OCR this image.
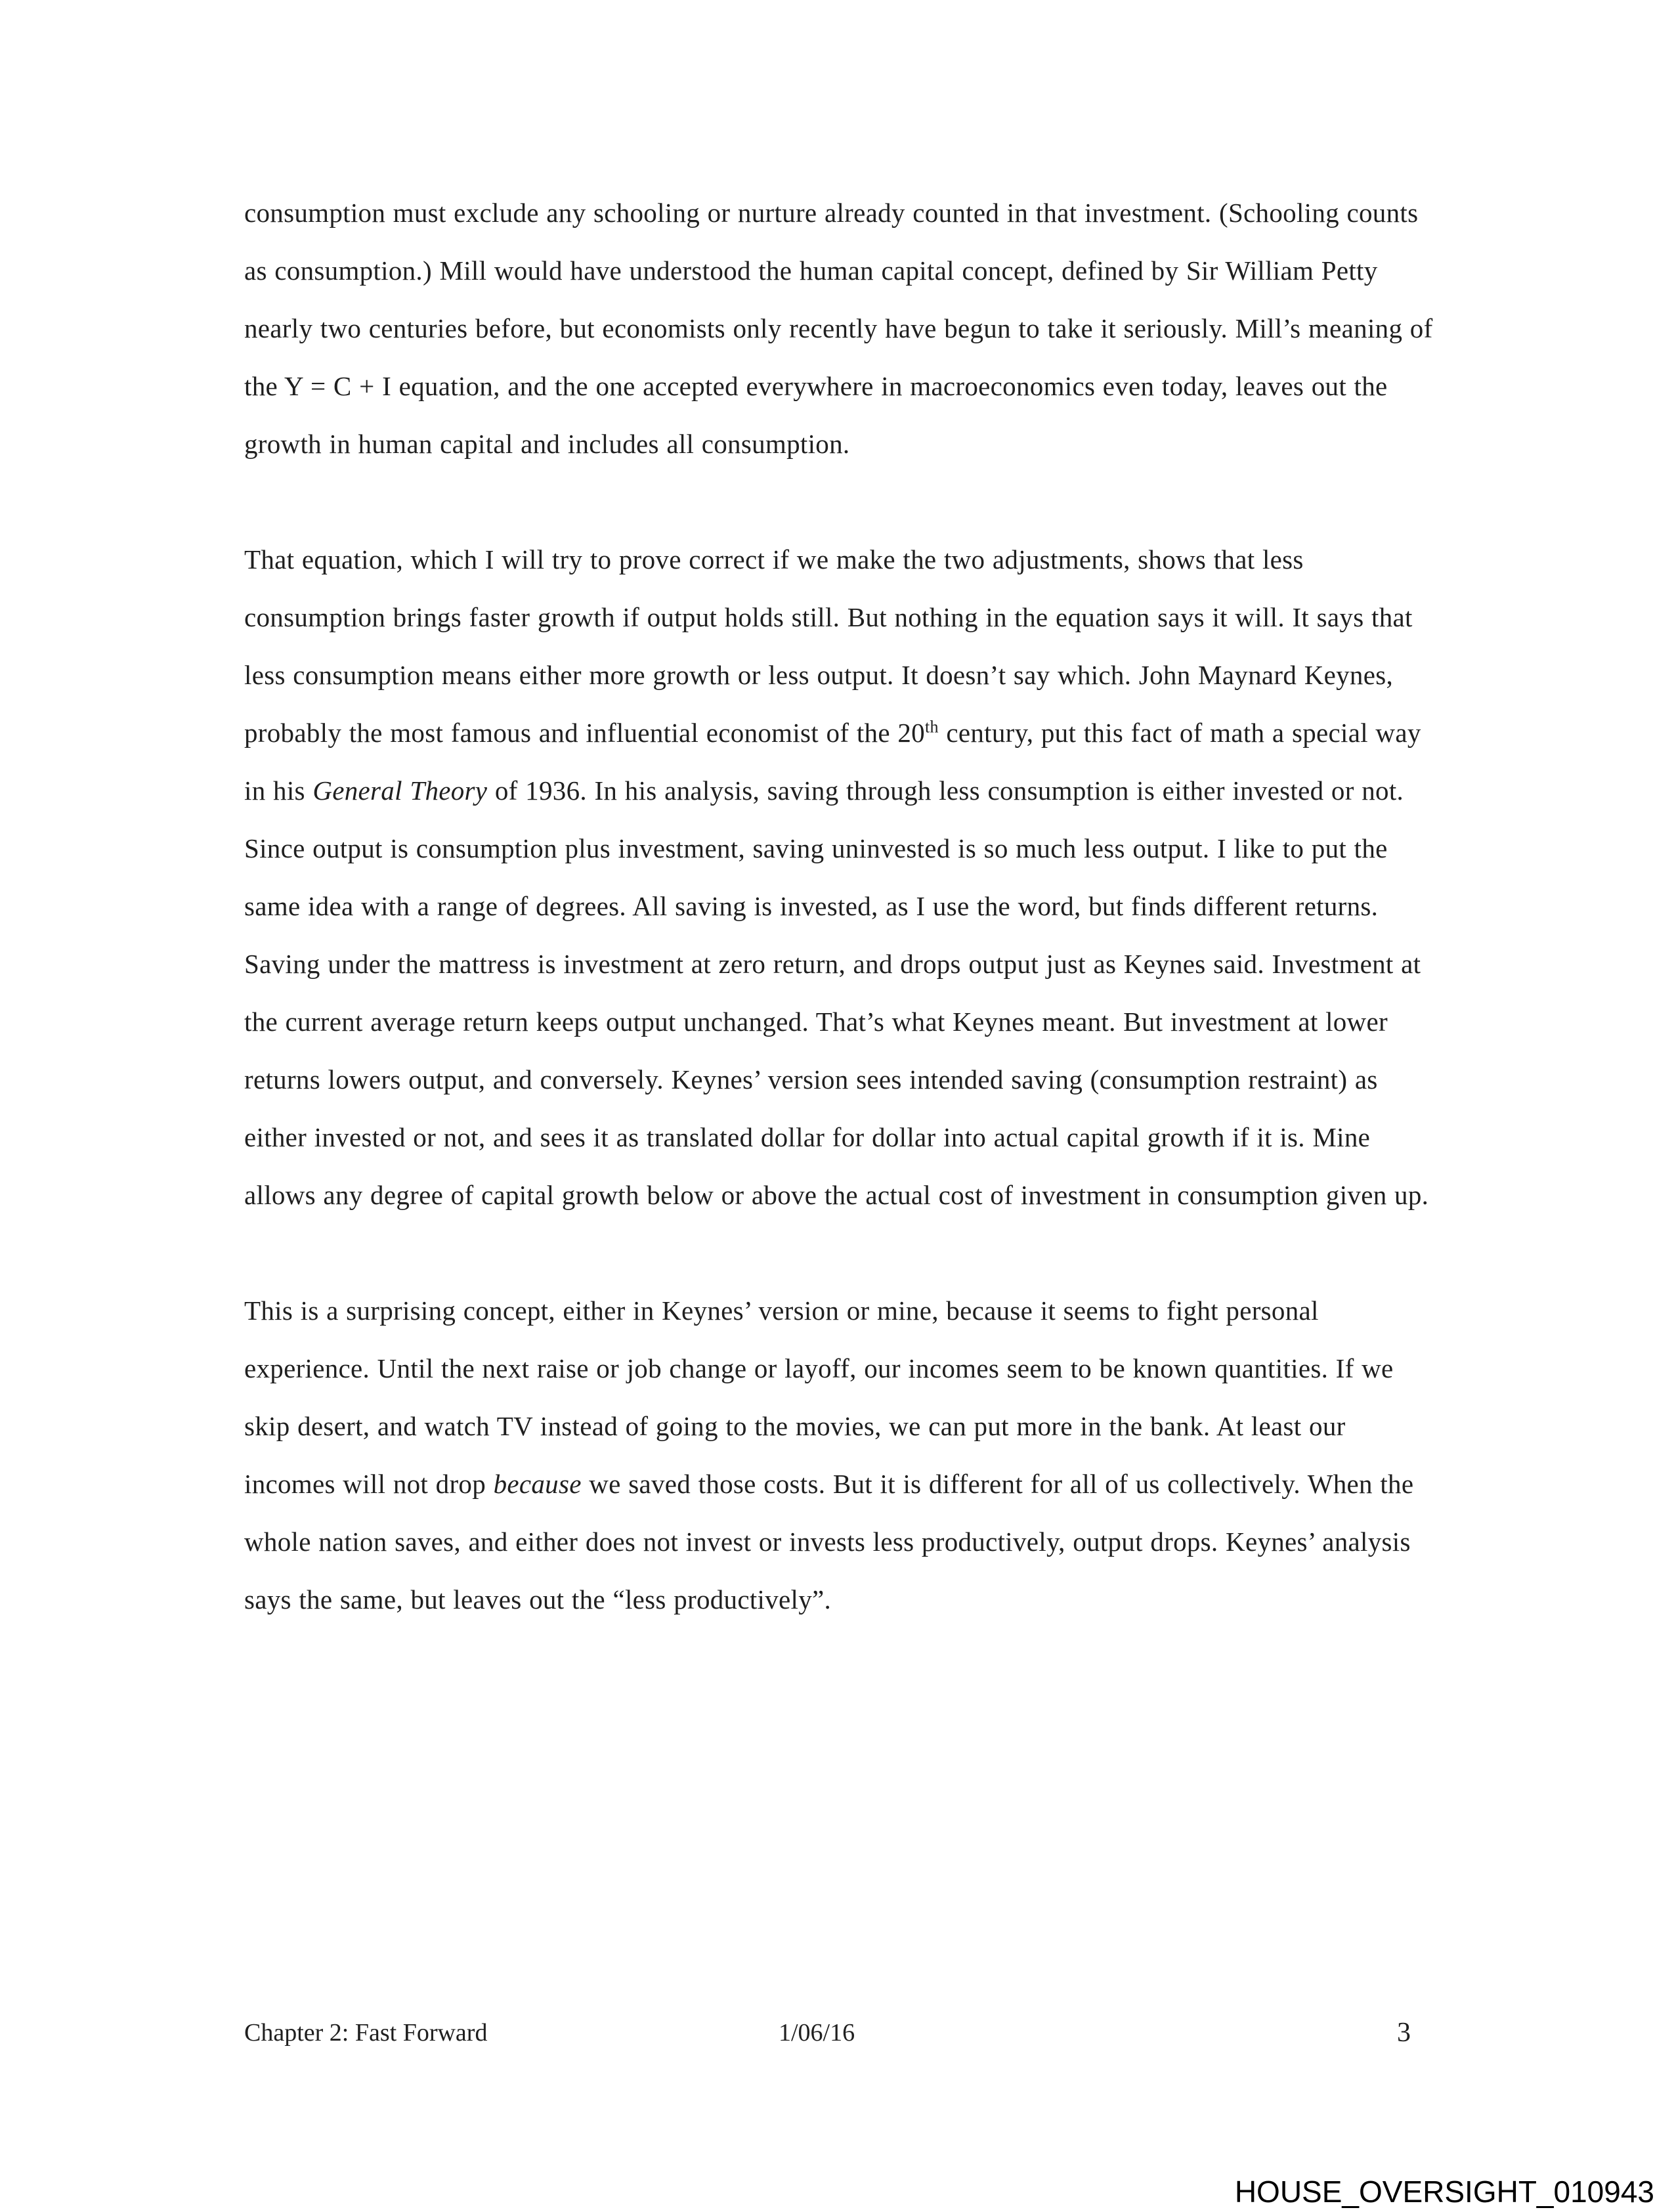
consumption must exclude any schooling or nurture already counted in that investment. (Schooling counts as consumption.) Mill would have understood the human capital concept, defined by Sir William Petty nearly two centuries before, but economists only recently have begun to take it seriously. Mill’s meaning of the Y = C + I equation, and the one accepted everywhere in macroeconomics even today, leaves out the growth in human capital and includes all consumption.

That equation, which I will try to prove correct if we make the two adjustments, shows that less consumption brings faster growth if output holds still. But nothing in the equation says it will. It says that less consumption means either more growth or less output. It doesn’t say which. John Maynard Keynes, probably the most famous and influential economist of the 20th century, put this fact of math a special way in his General Theory of 1936. In his analysis, saving through less consumption is either invested or not. Since output is consumption plus investment, saving uninvested is so much less output. I like to put the same idea with a range of degrees. All saving is invested, as I use the word, but finds different returns. Saving under the mattress is investment at zero return, and drops output just as Keynes said. Investment at the current average return keeps output unchanged. That’s what Keynes meant. But investment at lower returns lowers output, and conversely. Keynes’ version sees intended saving (consumption restraint) as either invested or not, and sees it as translated dollar for dollar into actual capital growth if it is. Mine allows any degree of capital growth below or above the actual cost of investment in consumption given up.

This is a surprising concept, either in Keynes’ version or mine, because it seems to fight personal experience. Until the next raise or job change or layoff, our incomes seem to be known quantities. If we skip desert, and watch TV instead of going to the movies, we can put more in the bank. At least our incomes will not drop because we saved those costs. But it is different for all of us collectively. When the whole nation saves, and either does not invest or invests less productively, output drops. Keynes’ analysis says the same, but leaves out the “less productively”.

Chapter 2: Fast Forward	1/06/16	3
HOUSE_OVERSIGHT_010943
